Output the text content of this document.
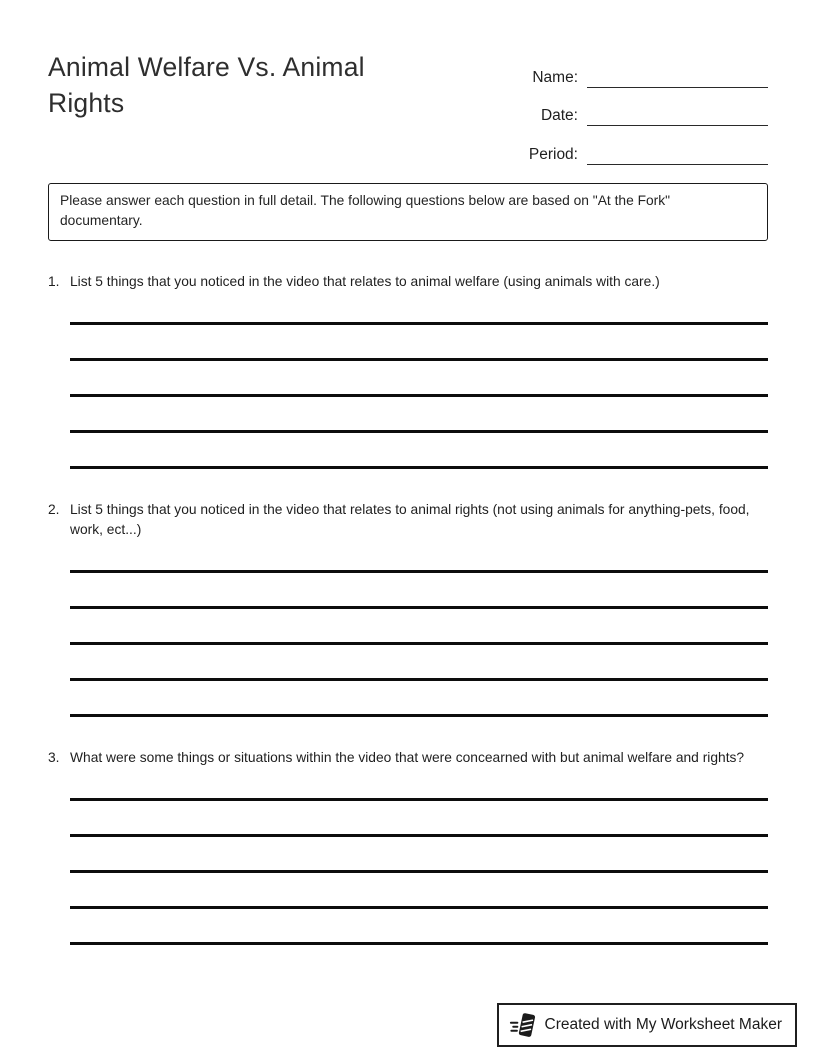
Animal Welfare Vs. Animal Rights
Name:
Date:
Period:
Please answer each question in full detail. The following questions below are based on "At the Fork" documentary.
1. List 5 things that you noticed in the video that relates to animal welfare (using animals with care.)
2. List 5 things that you noticed in the video that relates to animal rights (not using animals for anything-pets, food, work, ect...)
3. What were some things or situations within the video that were concearned with but animal welfare and rights?
Created with My Worksheet Maker
